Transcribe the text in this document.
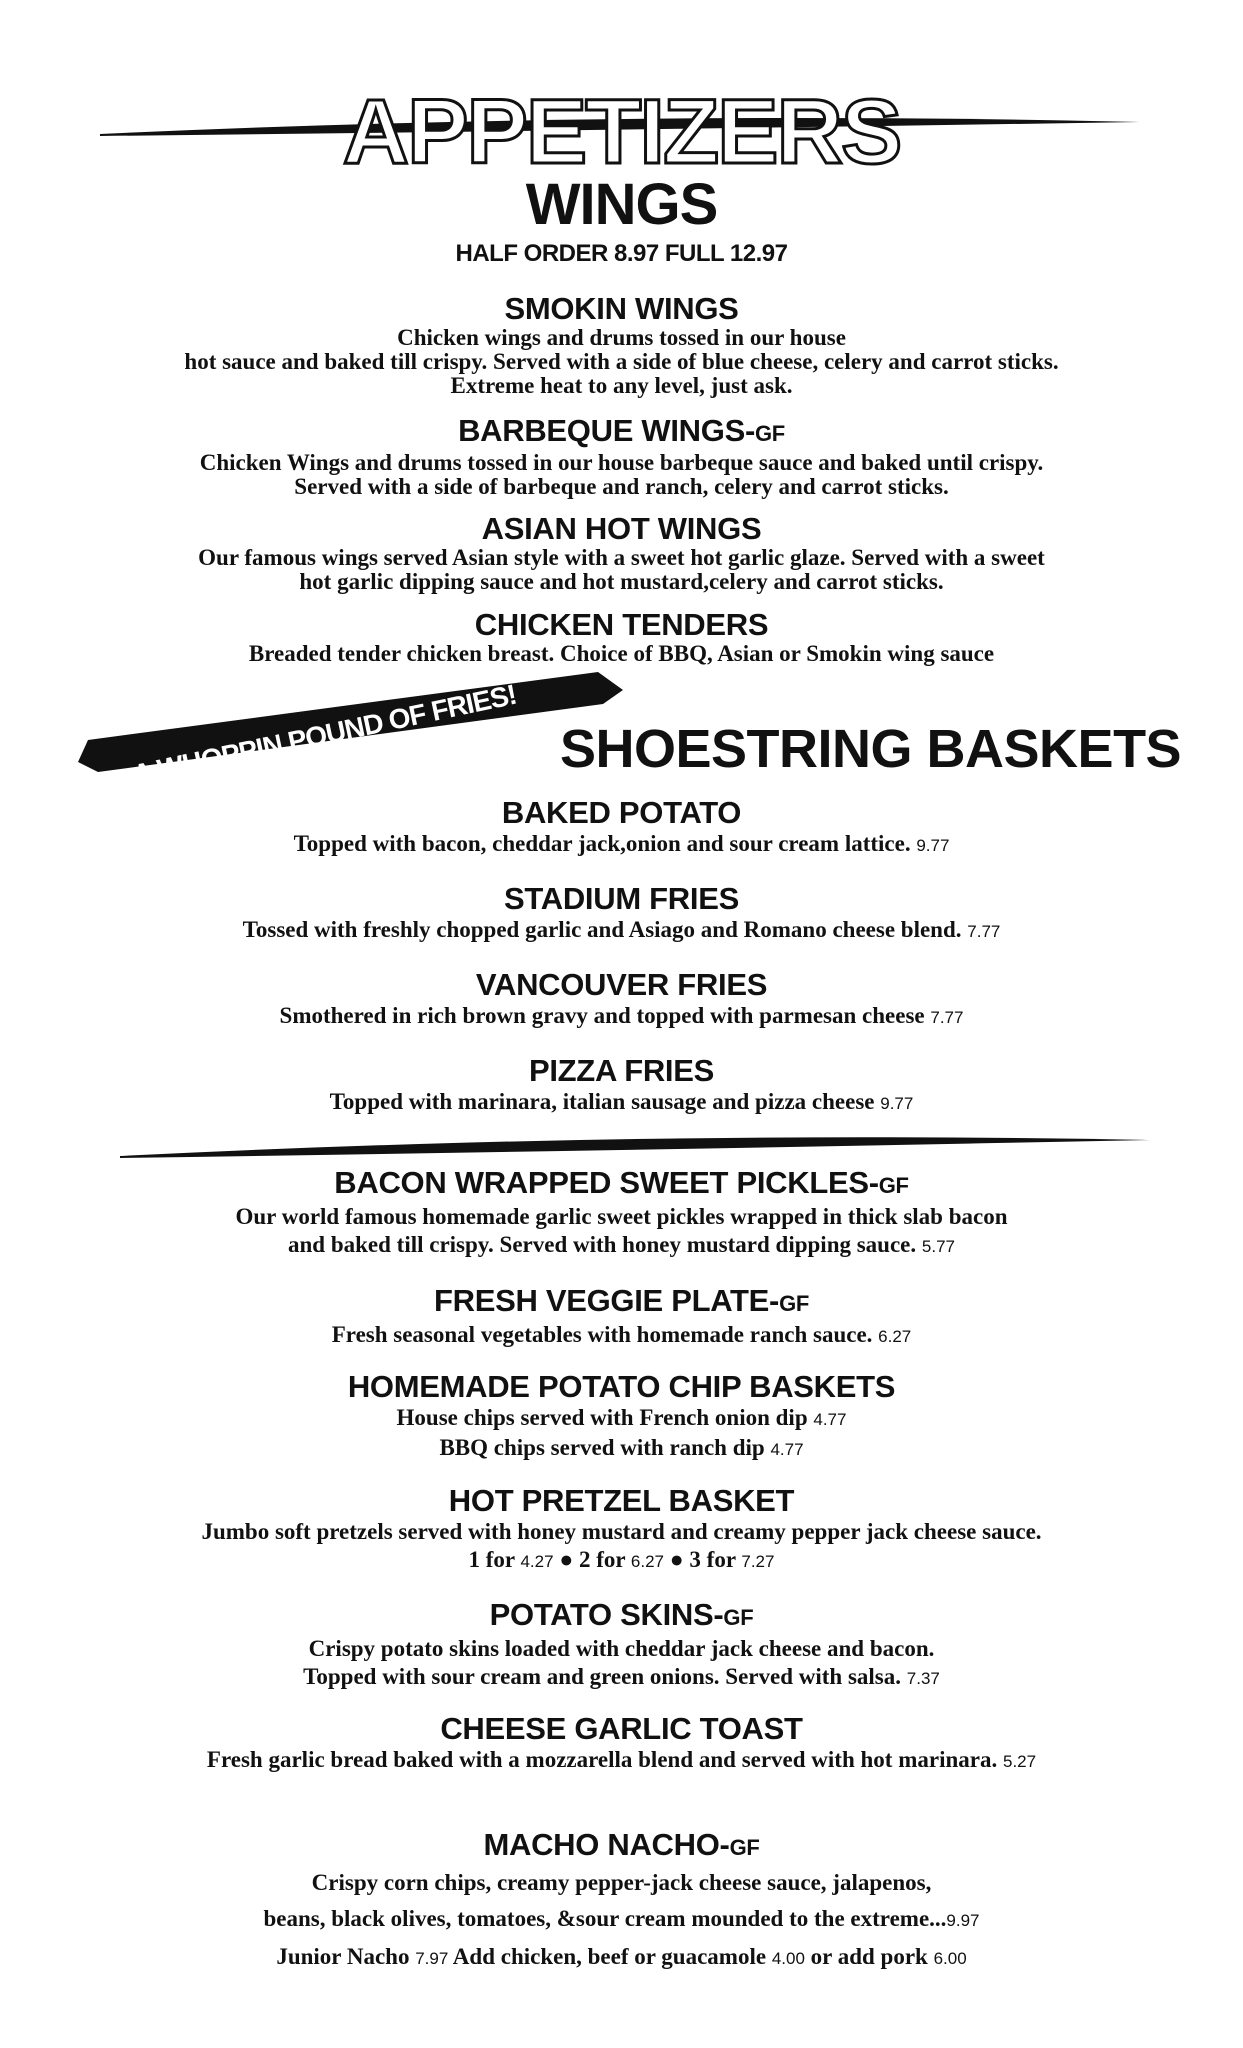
APPETIZERS
WINGS
HALF ORDER 8.97 FULL 12.97
SMOKIN WINGS
Chicken wings and drums tossed in our house
hot sauce and baked till crispy. Served with a side of blue cheese, celery and carrot sticks.
Extreme heat to any level, just ask.
BARBEQUE WINGS-GF
Chicken Wings and drums tossed in our house barbeque sauce and baked until crispy.
Served with a side of barbeque and ranch, celery and carrot sticks.
ASIAN HOT WINGS
Our famous wings served Asian style with a sweet hot garlic glaze. Served with a sweet
hot garlic dipping sauce and hot mustard,celery and carrot sticks.
CHICKEN TENDERS
Breaded tender chicken breast. Choice of BBQ, Asian or Smokin wing sauce
A WHOPPIN POUND OF FRIES! SHOESTRING BASKETS
BAKED POTATO
Topped with bacon, cheddar jack,onion and sour cream lattice. 9.77
STADIUM FRIES
Tossed with freshly chopped garlic and Asiago and Romano cheese blend. 7.77
VANCOUVER FRIES
Smothered in rich brown gravy and topped with parmesan cheese 7.77
PIZZA FRIES
Topped with marinara, italian sausage and pizza cheese 9.77
BACON WRAPPED SWEET PICKLES-GF
Our world famous homemade garlic sweet pickles wrapped in thick slab bacon
and baked till crispy. Served with honey mustard dipping sauce. 5.77
FRESH VEGGIE PLATE-GF
Fresh seasonal vegetables with homemade ranch sauce. 6.27
HOMEMADE POTATO CHIP BASKETS
House chips served with French onion dip 4.77
BBQ chips served with ranch dip 4.77
HOT PRETZEL BASKET
Jumbo soft pretzels served with honey mustard and creamy pepper jack cheese sauce.
1 for 4.27 ● 2 for 6.27 ● 3 for 7.27
POTATO SKINS-GF
Crispy potato skins loaded with cheddar jack cheese and bacon.
Topped with sour cream and green onions. Served with salsa. 7.37
CHEESE GARLIC TOAST
Fresh garlic bread baked with a mozzarella blend and served with hot marinara. 5.27
MACHO NACHO-GF
Crispy corn chips, creamy pepper-jack cheese sauce, jalapenos,
beans, black olives, tomatoes, &sour cream mounded to the extreme...9.97
Junior Nacho 7.97 Add chicken, beef or guacamole 4.00 or add pork 6.00
